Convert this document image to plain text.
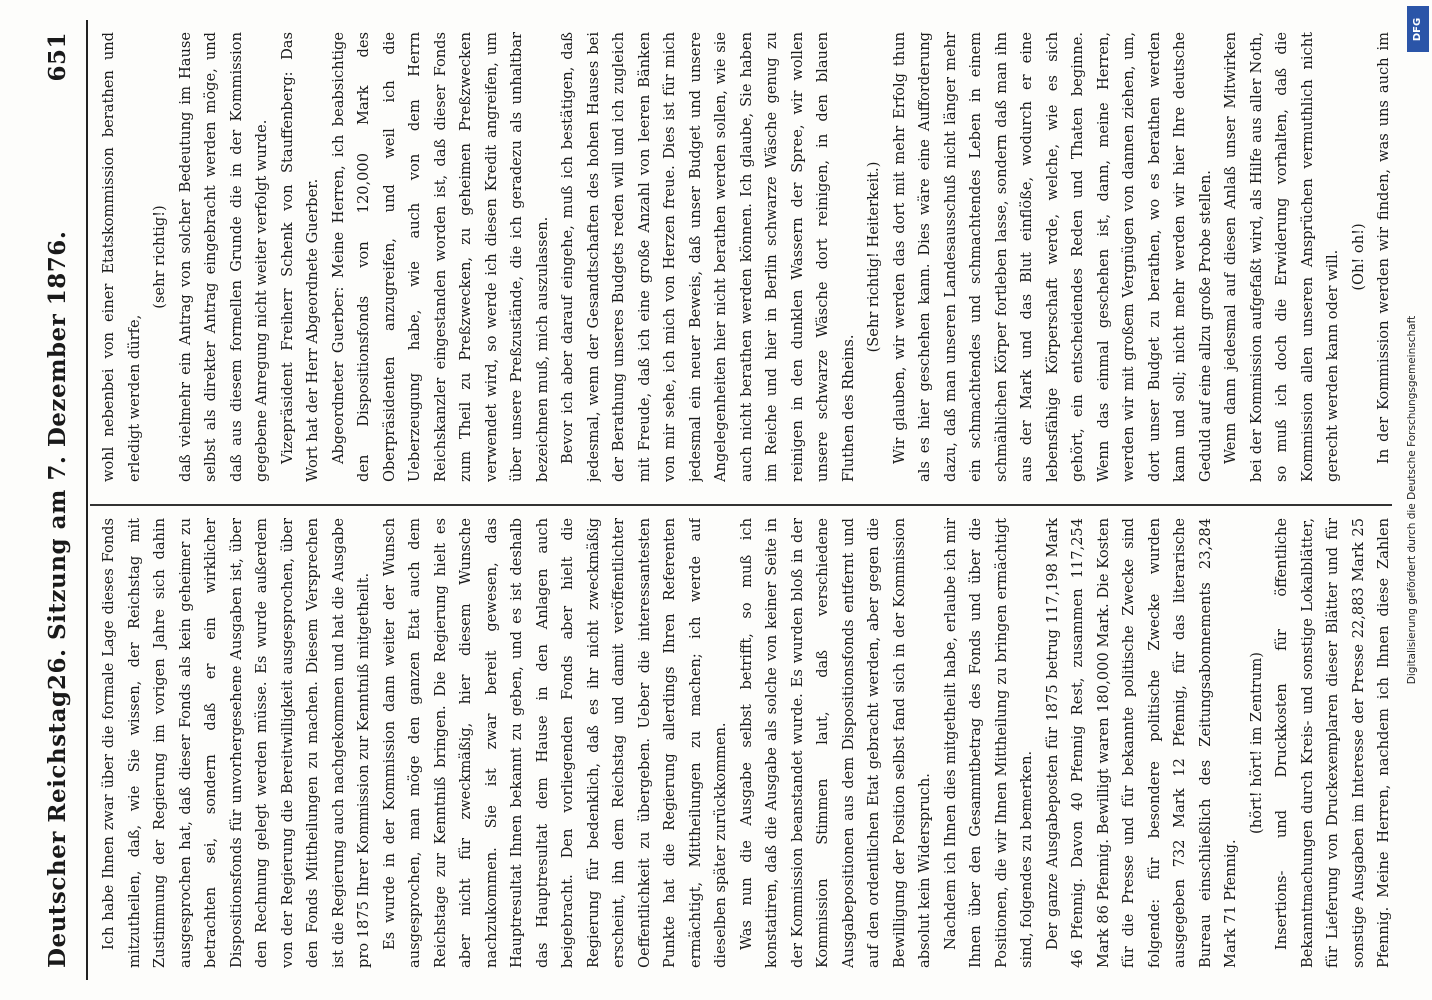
Deutscher Reichstag.
26. Sitzung am 7. Dezember 1876.
651

Ich habe Ihnen zwar über die formale Lage dieses Fonds mitzutheilen, daß, wie Sie wissen, der Reichstag mit Zustimmung der Regierung im vorigen Jahre sich dahin ausgesprochen hat, daß dieser Fonds als kein geheimer zu betrachten sei, sondern daß er ein wirklicher Dispositionsfonds für unvorhergesehene Ausgaben ist, über den Rechnung gelegt werden müsse. Es wurde außerdem von der Regierung die Bereitwilligkeit ausgesprochen, über den Fonds Mittheilungen zu machen. Diesem Versprechen ist die Regierung auch nachgekommen und hat die Ausgabe pro 1875 Ihrer Kommission zur Kenntniß mitgetheilt. Es wurde in der Kommission dann weiter der Wunsch ausgesprochen, man möge den ganzen Etat auch dem Reichstage zur Kenntniß bringen. Die Regierung hielt es aber nicht für zweckmäßig, hier diesem Wunsche nachzukommen. Sie ist zwar bereit gewesen, das Hauptresultat Ihnen bekannt zu geben, und es ist deshalb das Hauptresultat dem Hause in den Anlagen auch beigebracht. Den vorliegenden Fonds aber hielt die Regierung für bedenklich, daß es ihr nicht zweckmäßig erscheint, ihn dem Reichstag und damit veröffentlichter Oeffentlichkeit zu übergeben. Ueber die interessantesten Punkte hat die Regierung allerdings Ihren Referenten ermächtigt, Mittheilungen zu machen; ich werde auf dieselben später zurückkommen. Was nun die Ausgabe selbst betrifft, so muß ich konstatiren, daß die Ausgabe als solche von keiner Seite in der Kommission beanstandet wurde. Es wurden bloß in der Kommission Stimmen laut, daß verschiedene Ausgabepositionen aus dem Dispositionsfonds entfernt und auf den ordentlichen Etat gebracht werden, aber gegen die Bewilligung der Position selbst fand sich in der Kommission absolut kein Widerspruch. Nachdem ich Ihnen dies mitgetheilt habe, erlaube ich mir Ihnen über den Gesammtbetrag des Fonds und über die Positionen, die wir Ihnen Mittheilung zu bringen ermächtigt sind, folgendes zu bemerken. Der ganze Ausgabeposten für 1875 betrug 117,198 Mark 46 Pfennig. Davon 40 Pfennig Rest, zusammen 117,254 Mark 86 Pfennig. Bewilligt waren 180,000 Mark. Die Kosten für die Presse und für bekannte politische Zwecke sind folgende: für besondere politische Zwecke wurden ausgegeben 732 Mark 12 Pfennig, für das literarische Bureau einschließlich des Zeitungsabonnements 23,284 Mark 71 Pfennig.

(hört! hört! im Zentrum)

Insertions- und Druckkosten für öffentliche Bekanntmachungen durch Kreis- und sonstige Lokalblätter, für Lieferung von Druckexemplaren dieser Blätter und für sonstige Ausgaben im Interesse der Presse 22,883 Mark 25 Pfennig. Meine Herren, nachdem ich Ihnen diese Zahlen

wohl nebenbei von einer Etatskommission berathen und erledigt werden dürfe,

(sehr richtig!) daß vielmehr ein Antrag von solcher Bedeutung im Hause selbst als direkter Antrag eingebracht werden möge, und daß aus diesem formellen Grunde die in der Kommission gegebene Anregung nicht weiter verfolgt wurde. Vizepräsident Freiherr Schenk von Stauffenberg: Das Wort hat der Herr Abgeordnete Guerber. Abgeordneter Guerber: Meine Herren, ich beabsichtige den Dispositionsfonds von 120,000 Mark des Oberpräsidenten anzugreifen, und weil ich die Ueberzeugung habe, wie auch von dem Herrn Reichskanzler eingestanden worden ist, daß dieser Fonds zum Theil zu Preßzwecken, zu geheimen Preßzwecken verwendet wird, so werde ich diesen Kredit angreifen, um über unsere Preßzustände, die ich geradezu als unhaltbar bezeichnen muß, mich auszulassen. Bevor ich aber darauf eingehe, muß ich bestätigen, daß jedesmal, wenn der Gesandtschaften des hohen Hauses bei der Berathung unseres Budgets reden will und ich zugleich mit Freude, daß ich eine große Anzahl von leeren Bänken von mir sehe, ich mich von Herzen freue. Dies ist für mich jedesmal ein neuer Beweis, daß unser Budget und unsere Angelegenheiten hier nicht berathen werden sollen, wie sie auch nicht berathen werden können. Ich glaube, Sie haben im Reiche und hier in Berlin schwarze Wäsche genug zu reinigen in den dunklen Wassern der Spree, wir wollen unsere schwarze Wäsche dort reinigen, in den blauen Fluthen des Rheins.

(Sehr richtig! Heiterkeit.) Wir glauben, wir werden das dort mit mehr Erfolg thun als es hier geschehen kann. Dies wäre eine Aufforderung dazu, daß man unseren Landesausschuß nicht länger mehr ein schmachtendes und schmachtendes Leben in einem schmählichen Körper fortleben lasse, sondern daß man ihn aus der Mark und das Blut einflöße, wodurch er eine lebensfähige Körperschaft werde, welche, wie es sich gehört, ein entscheidendes Reden und Thaten beginne. Wenn das einmal geschehen ist, dann, meine Herren, werden wir mit großem Vergnügen von dannen ziehen, um, dort unser Budget zu berathen, wo es berathen werden kann und soll; nicht mehr werden wir hier Ihre deutsche Geduld auf eine allzu große Probe stellen. Wenn dann jedesmal auf diesen Anlaß unser Mitwirken bei der Kommission aufgefaßt wird, als Hilfe aus aller Noth, so muß ich doch die Erwiderung vorhalten, daß die Kommission allen unseren Ansprüchen vermuthlich nicht gerecht werden kann oder will. (Oh! oh!)

In der Kommission werden wir finden, was uns auch im

Digitalisierung gefördert durch die Deutsche Forschungsgemeinschaft
DFG
